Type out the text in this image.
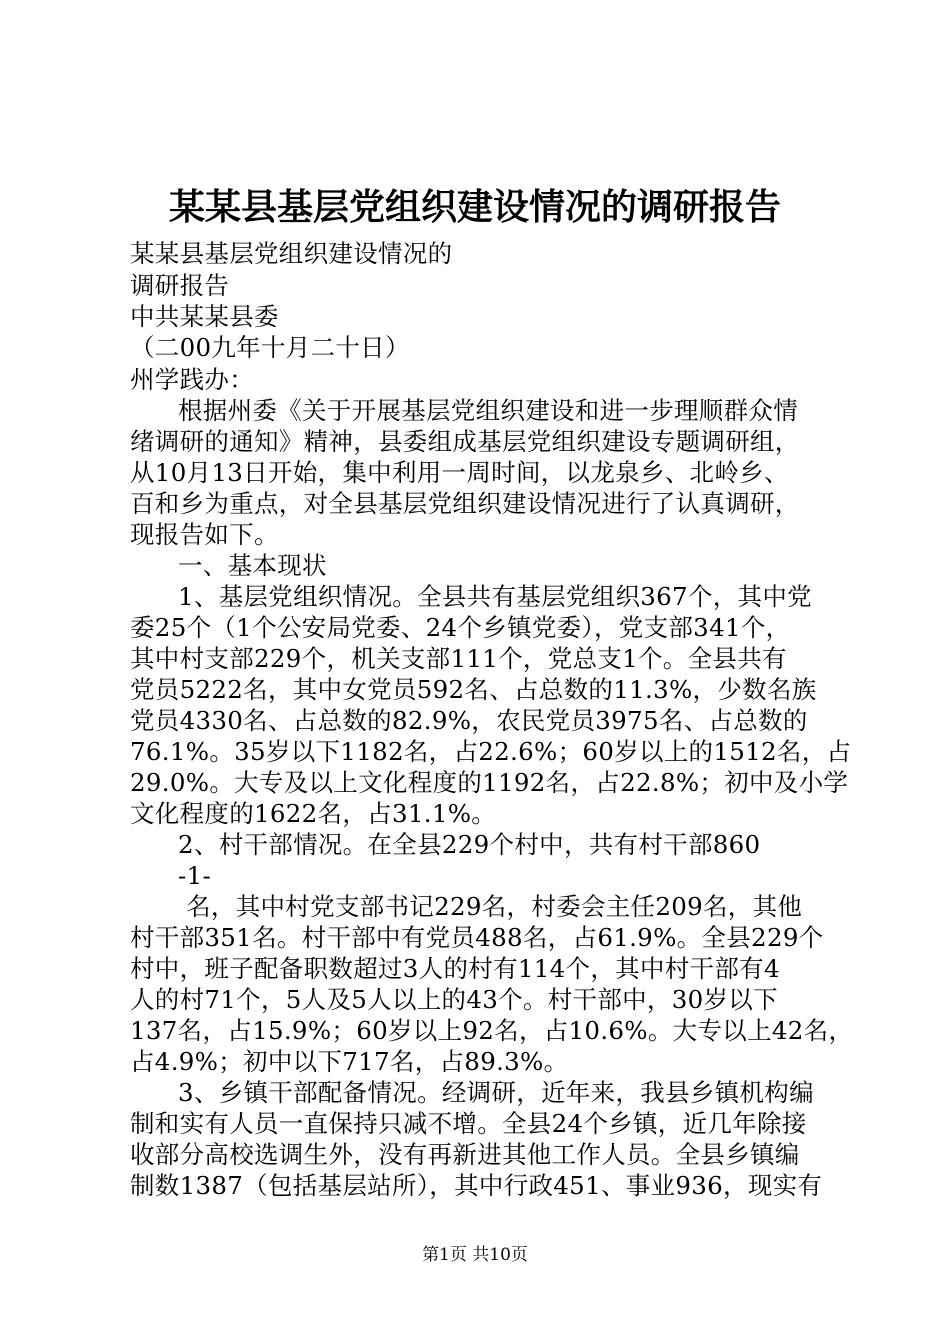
某某县基层党组织建设情况的调研报告
某某县基层党组织建设情况的
调研报告
中共某某县委
（二00九年十月二十日）
州学践办：
根据州委《关于开展基层党组织建设和进一步理顺群众情
绪调研的通知》精神，县委组成基层党组织建设专题调研组，
从10月13日开始，集中利用一周时间，以龙泉乡、北岭乡、
百和乡为重点，对全县基层党组织建设情况进行了认真调研，
现报告如下。
一、基本现状
1、基层党组织情况。全县共有基层党组织367个，其中党
委25个（1个公安局党委、24个乡镇党委），党支部341个，
其中村支部229个，机关支部111个，党总支1个。全县共有
党员5222名，其中女党员592名、占总数的11.3%，少数名族
党员4330名、占总数的82.9%，农民党员3975名、占总数的
76.1%。35岁以下1182名，占22.6%；60岁以上的1512名，占
29.0%。大专及以上文化程度的1192名，占22.8%；初中及小学
文化程度的1622名，占31.1%。
2、村干部情况。在全县229个村中，共有村干部860
-1-
名，其中村党支部书记229名，村委会主任209名，其他
村干部351名。村干部中有党员488名，占61.9%。全县229个
村中，班子配备职数超过3人的村有114个，其中村干部有4
人的村71个，5人及5人以上的43个。村干部中，30岁以下
137名，占15.9%；60岁以上92名，占10.6%。大专以上42名，
占4.9%；初中以下717名，占89.3%。
3、乡镇干部配备情况。经调研，近年来，我县乡镇机构编
制和实有人员一直保持只减不增。全县24个乡镇，近几年除接
收部分高校选调生外，没有再新进其他工作人员。全县乡镇编
制数1387（包括基层站所），其中行政451、事业936，现实有
第1页 共10页
